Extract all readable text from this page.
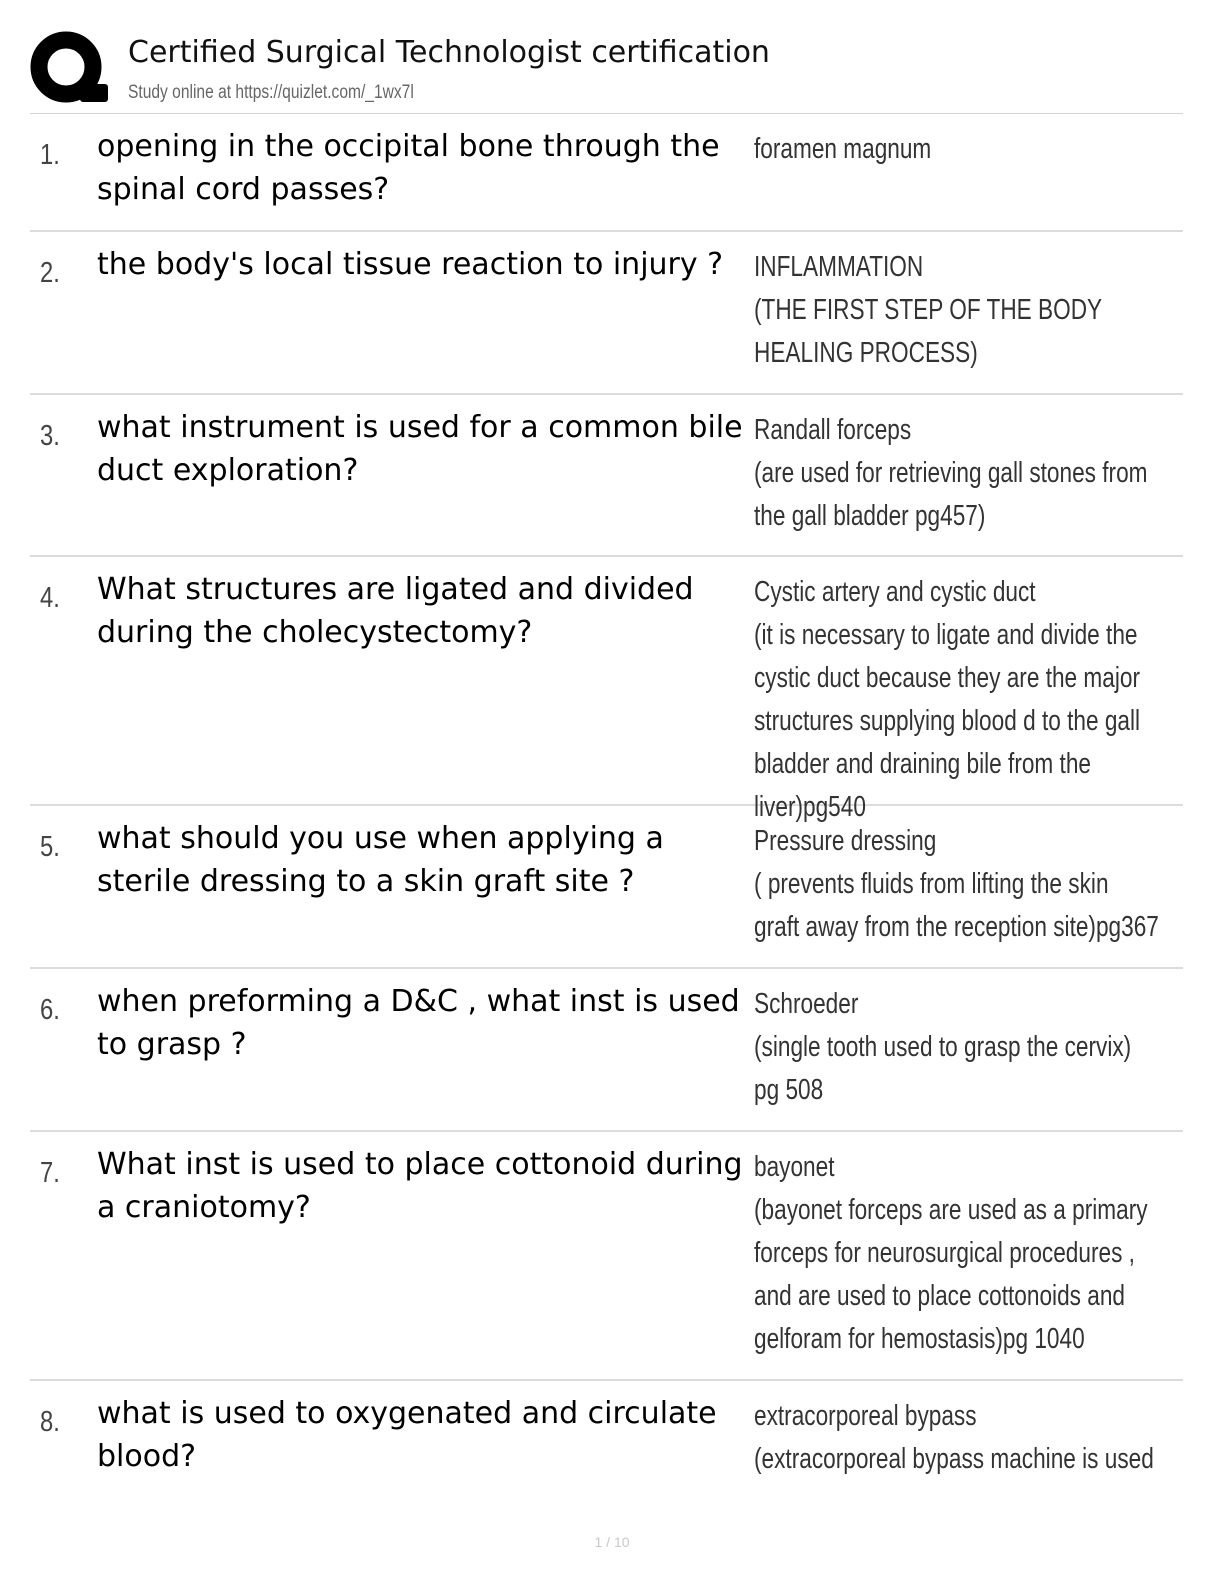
Certified Surgical Technologist certification
Study online at https://quizlet.com/_1wx7l
1. opening in the occipital bone through the spinal cord passes?
foramen magnum
2. the body's local tissue reaction to injury ?	INFLAMMATION
(THE FIRST STEP OF THE BODY HEALING PROCESS)
3. what instrument is used for a common bile duct exploration?
Randall forceps
(are used for retrieving gall stones from the gall bladder pg457)
4. What structures are ligated and divided during the cholecystectomy?
Cystic artery and cystic duct
(it is necessary to ligate and divide the cystic duct because they are the major structures supplying blood d to the gall bladder and draining bile from the liver)pg540
5. what should you use when applying a sterile dressing to a skin graft site ?
Pressure dressing
( prevents fluids from lifting the skin graft away from the reception site)pg367
6. when preforming a D&C , what inst is used to grasp ?
Schroeder
(single tooth used to grasp the cervix) pg 508
7. What inst is used to place cottonoid during a craniotomy?
bayonet
(bayonet forceps are used as a primary forceps for neurosurgical procedures , and are used to place cottonoids and gelforam for hemostasis)pg 1040
8. what is used to oxygenated and circulate blood?
extracorporeal bypass
(extracorporeal bypass machine is used
1 / 10
